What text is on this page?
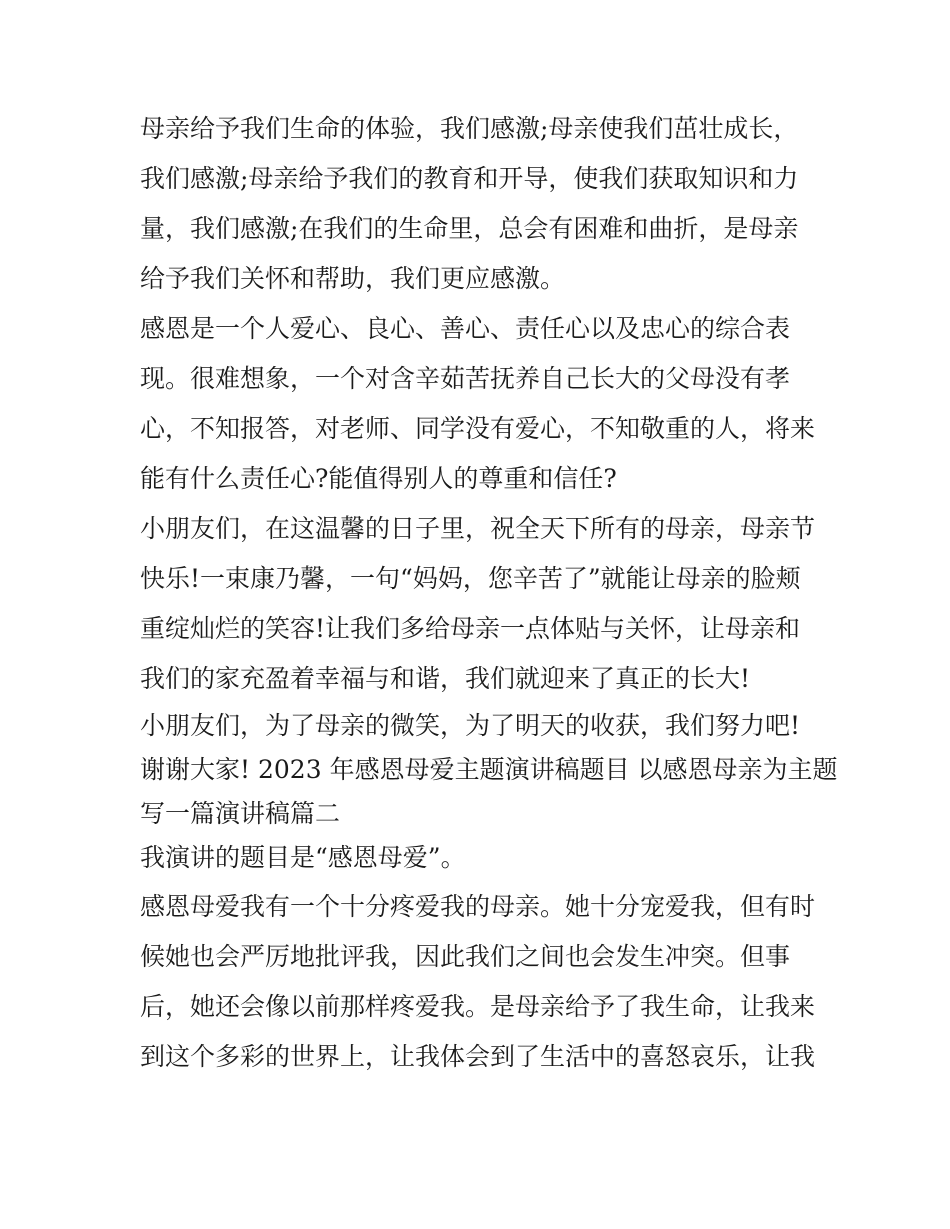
母亲给予我们生命的体验，我们感激;母亲使我们茁壮成长，
我们感激;母亲给予我们的教育和开导，使我们获取知识和力
量，我们感激;在我们的生命里，总会有困难和曲折，是母亲
给予我们关怀和帮助，我们更应感激。
感恩是一个人爱心、良心、善心、责任心以及忠心的综合表
现。很难想象，一个对含辛茹苦抚养自己长大的父母没有孝
心，不知报答，对老师、同学没有爱心，不知敬重的人，将来
能有什么责任心?能值得别人的尊重和信任?
小朋友们，在这温馨的日子里，祝全天下所有的母亲，母亲节
快乐!一束康乃馨，一句“妈妈，您辛苦了”就能让母亲的脸颊
重绽灿烂的笑容!让我们多给母亲一点体贴与关怀，让母亲和
我们的家充盈着幸福与和谐，我们就迎来了真正的长大!
小朋友们，为了母亲的微笑，为了明天的收获，我们努力吧!
谢谢大家! 2023 年感恩母爱主题演讲稿题目 以感恩母亲为主题
写一篇演讲稿篇二
我演讲的题目是“感恩母爱”。
感恩母爱我有一个十分疼爱我的母亲。她十分宠爱我，但有时
候她也会严厉地批评我，因此我们之间也会发生冲突。但事
后，她还会像以前那样疼爱我。是母亲给予了我生命，让我来
到这个多彩的世界上，让我体会到了生活中的喜怒哀乐，让我
